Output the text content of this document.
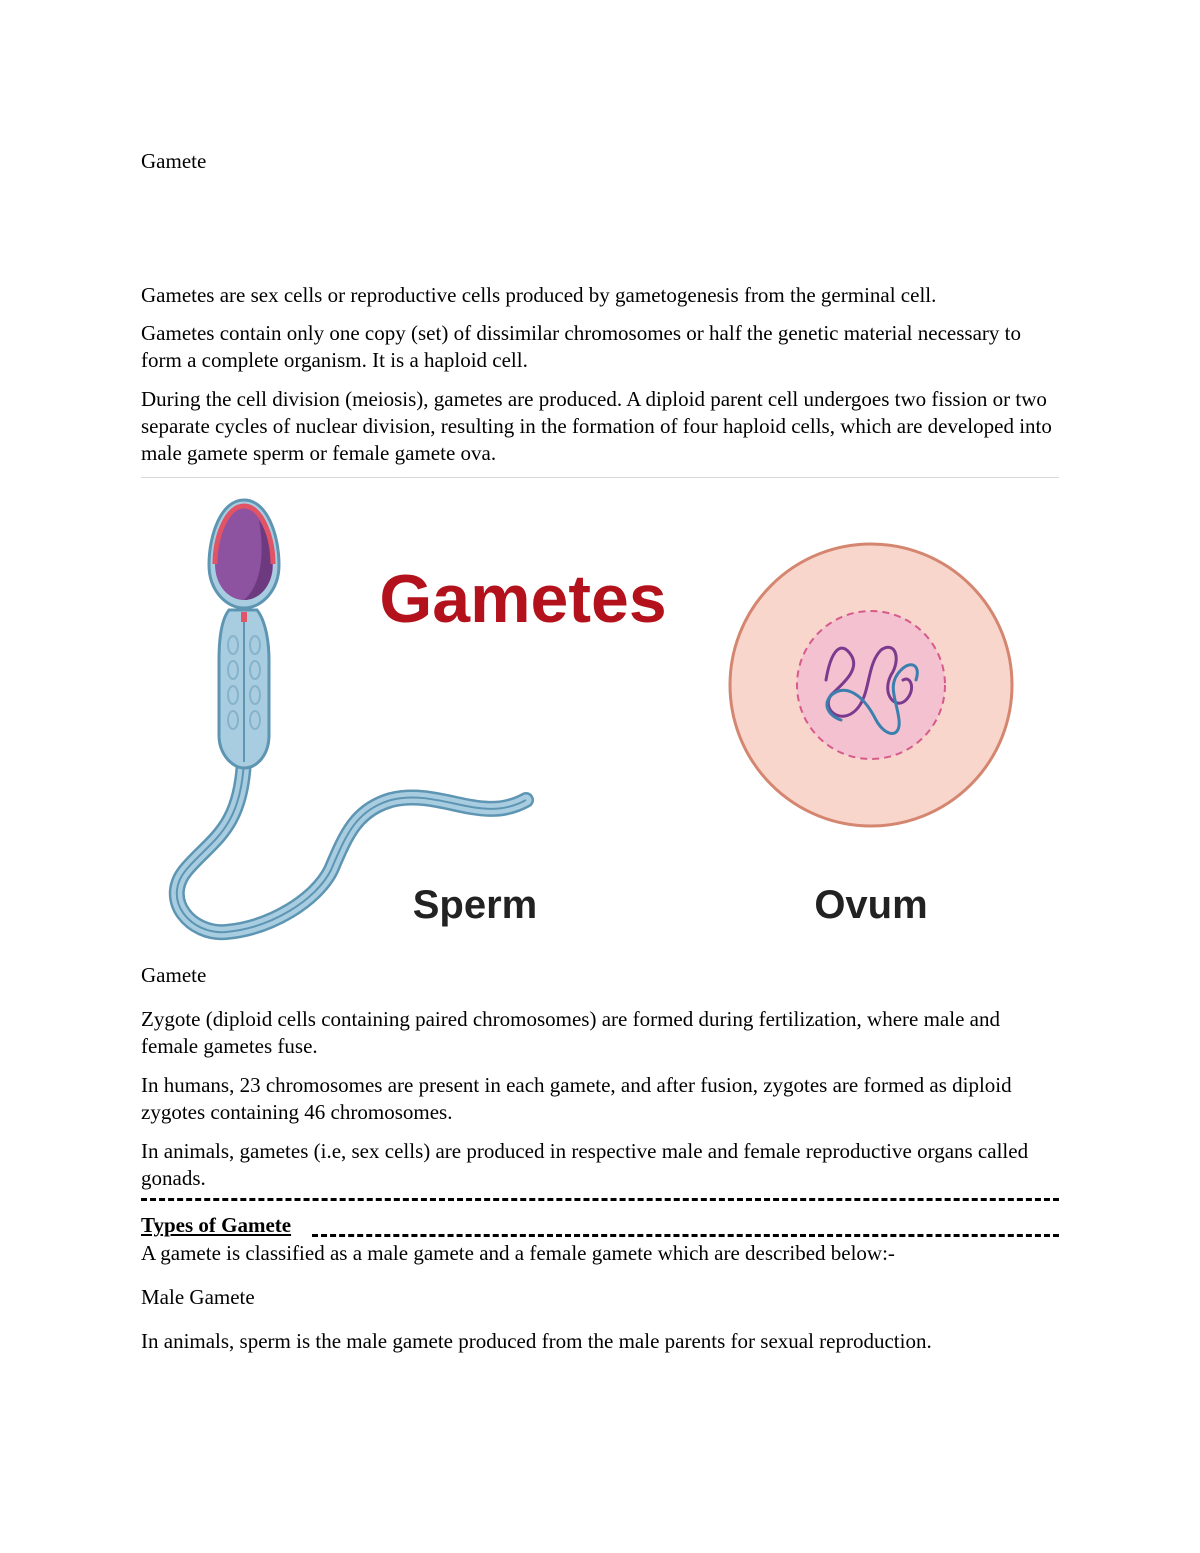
Gamete

Gametes are sex cells or reproductive cells produced by gametogenesis from the germinal cell.

Gametes contain only one copy (set) of dissimilar chromosomes or half the genetic material necessary to form a complete organism. It is a haploid cell.

During the cell division (meiosis), gametes are produced. A diploid parent cell undergoes two fission or two separate cycles of nuclear division, resulting in the formation of four haploid cells, which are developed into male gamete sperm or female gamete ova.

Gametes
Sperm	Ovum

Gamete

Zygote (diploid cells containing paired chromosomes) are formed during fertilization, where male and female gametes fuse.

In humans, 23 chromosomes are present in each gamete, and after fusion, zygotes are formed as diploid zygotes containing 46 chromosomes.

In animals, gametes (i.e, sex cells) are produced in respective male and female reproductive organs called gonads.

Types of Gamete

A gamete is classified as a male gamete and a female gamete which are described below:-

Male Gamete

In animals, sperm is the male gamete produced from the male parents for sexual reproduction.
